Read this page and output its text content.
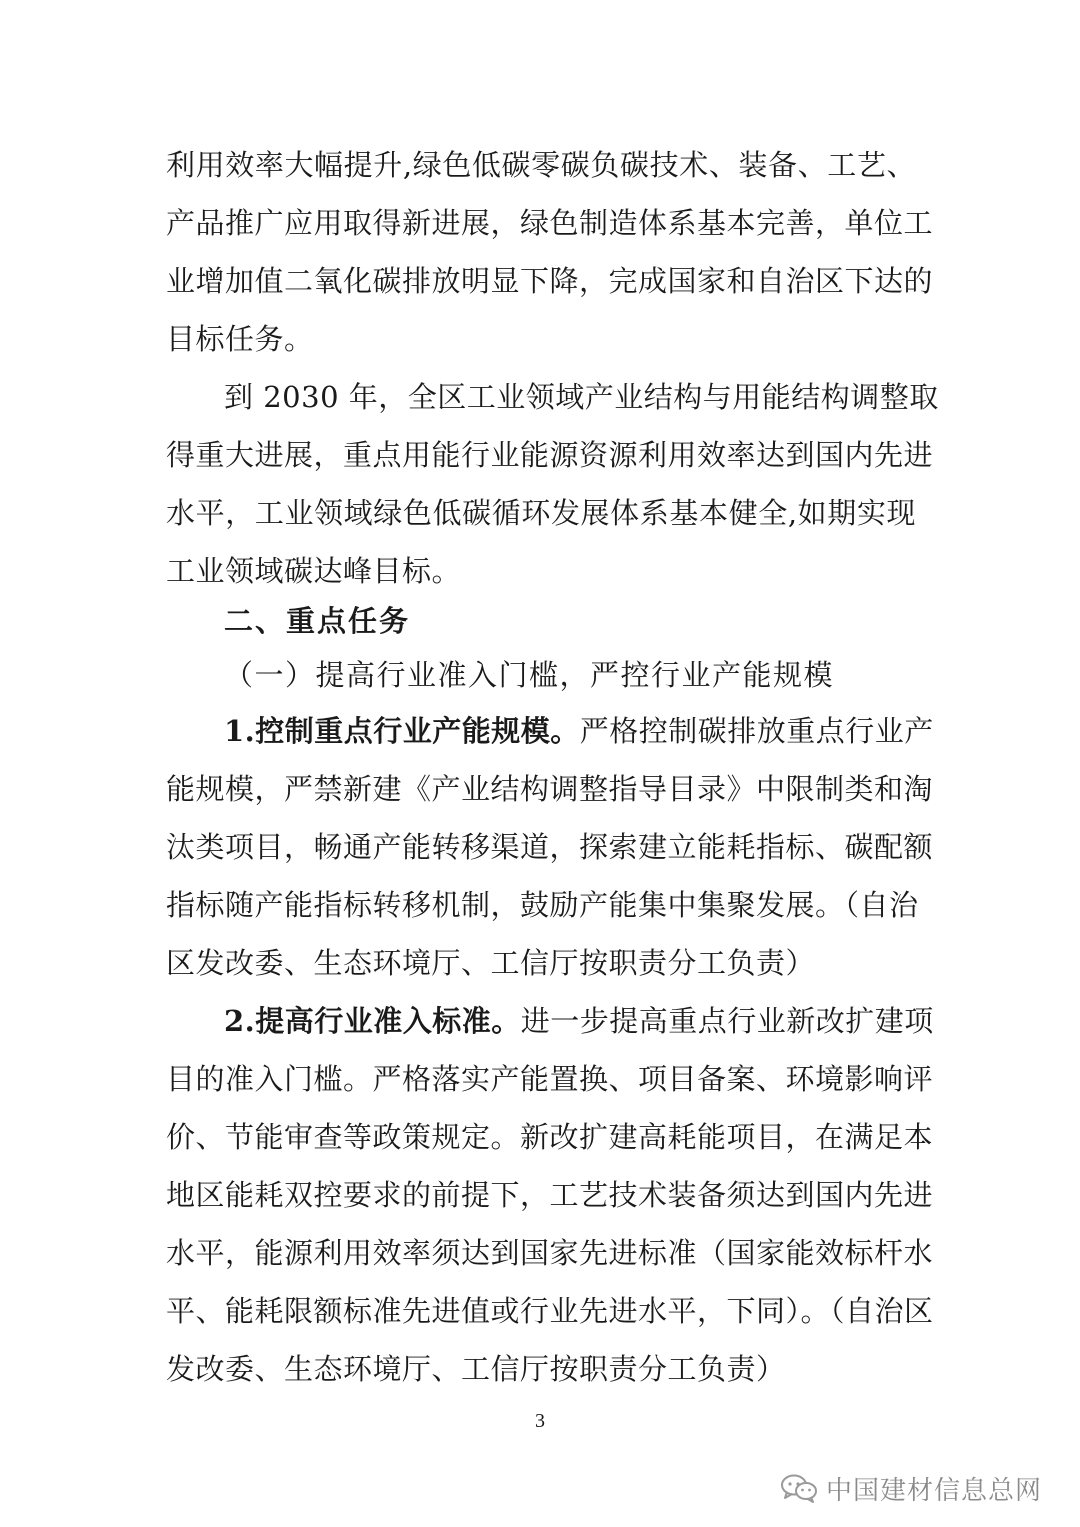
利用效率大幅提升,绿色低碳零碳负碳技术、装备、工艺、
产品推广应用取得新进展，绿色制造体系基本完善，单位工
业增加值二氧化碳排放明显下降，完成国家和自治区下达的
目标任务。
到 2030 年，全区工业领域产业结构与用能结构调整取
得重大进展，重点用能行业能源资源利用效率达到国内先进
水平，工业领域绿色低碳循环发展体系基本健全,如期实现
工业领域碳达峰目标。
二、重点任务
（一）提高行业准入门槛，严控行业产能规模
1.控制重点行业产能规模。严格控制碳排放重点行业产
能规模，严禁新建《产业结构调整指导目录》中限制类和淘
汰类项目，畅通产能转移渠道，探索建立能耗指标、碳配额
指标随产能指标转移机制，鼓励产能集中集聚发展。（自治
区发改委、生态环境厅、工信厅按职责分工负责）
2.提高行业准入标准。进一步提高重点行业新改扩建项
目的准入门槛。严格落实产能置换、项目备案、环境影响评
价、节能审查等政策规定。新改扩建高耗能项目，在满足本
地区能耗双控要求的前提下，工艺技术装备须达到国内先进
水平，能源利用效率须达到国家先进标准（国家能效标杆水
平、能耗限额标准先进值或行业先进水平，下同）。（自治区
发改委、生态环境厅、工信厅按职责分工负责）
3
中国建材信息总网
